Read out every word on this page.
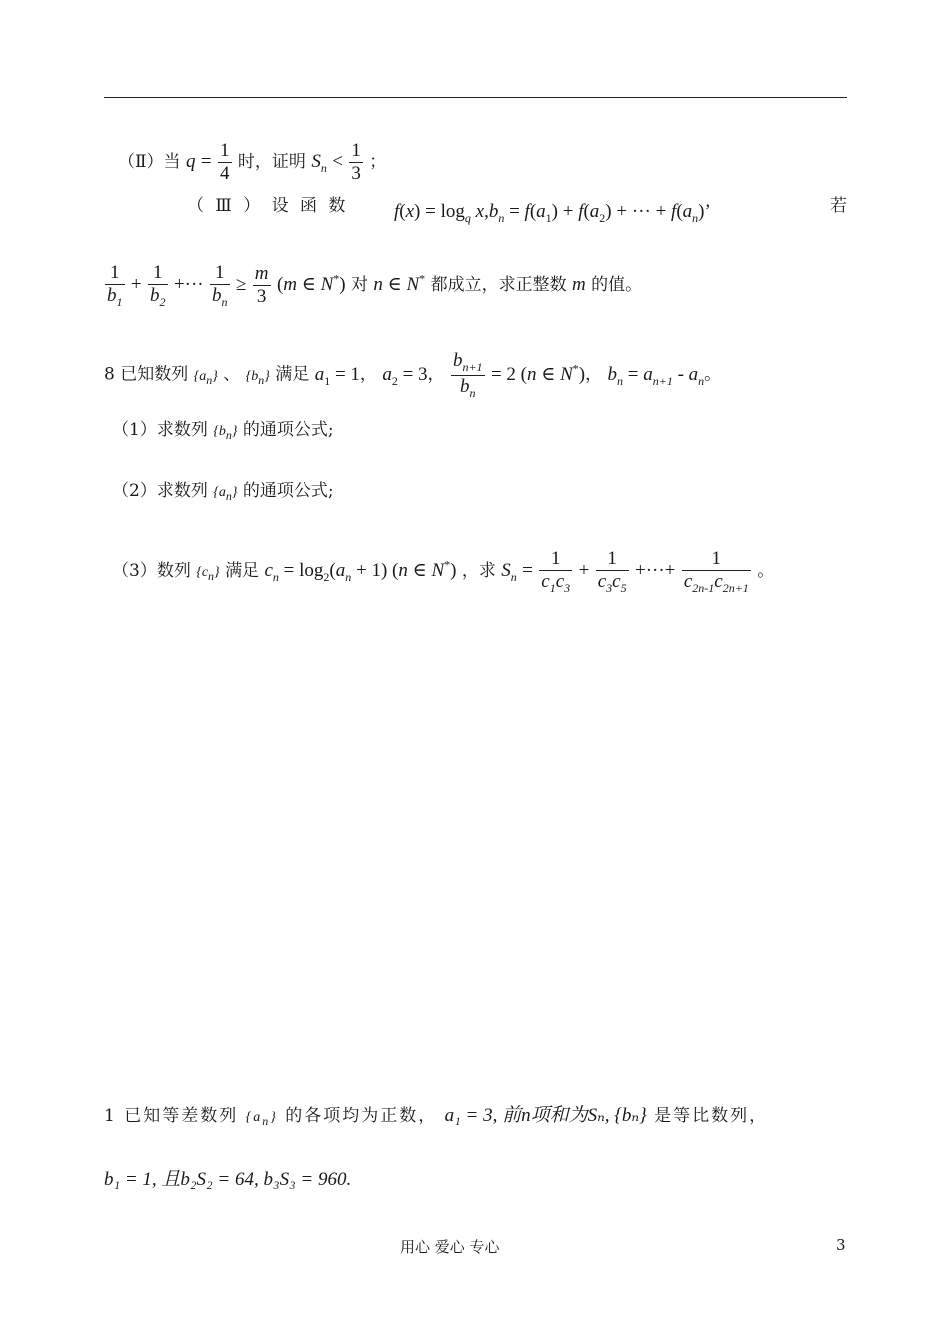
（Ⅱ）当 $q = \frac{1}{4}$ 时，证明 $S_n < \frac{1}{3}$ ；
（ Ⅲ ） 设 函 数	$f(x) = \log_q x,b_n = f(a_1) + f(a_2)$ + ··· + $f(a_n)$’	若
$\frac{1}{b_1} + \frac{1}{b_2}$ +··· $\frac{1}{b_n} \ge \frac{m}{3} (m$ ∈ N*) 对 n ∈ N* 都成立，求正整数 m 的值。
8 已知数列 $\{a_n\}$ 、 $\{b_n\}$ 满足 $a_1 = 1$， $a_2 = 3$， $\frac{b_{n+1}}{b_n} = 2$ (n ∈ N*)， $b_n = a_{n+1} - a_n$。
（1）求数列 $\{b_n\}$ 的通项公式;
（2）求数列 $\{a_n\}$ 的通项公式;
（3）数列 $\{c_n\}$ 满足 $c_n = \log_2(a_n + 1)$ (n ∈ N*) ，求 $S_n = \frac{1}{c_1c_3} + \frac{1}{c_3c_5}$ +···+ $\frac{1}{c_{2n-1}c_{2n+1}}$ 。
1 已知等差数列 $\{a_n\}$ 的各项均为正数， a₁ = 3, 前n项和为Sₙ, {bₙ} 是等比数列，
b₁ = 1, 且b₂S₂ = 64, b₃S₃ = 960.
用心 爱心 专心	3
